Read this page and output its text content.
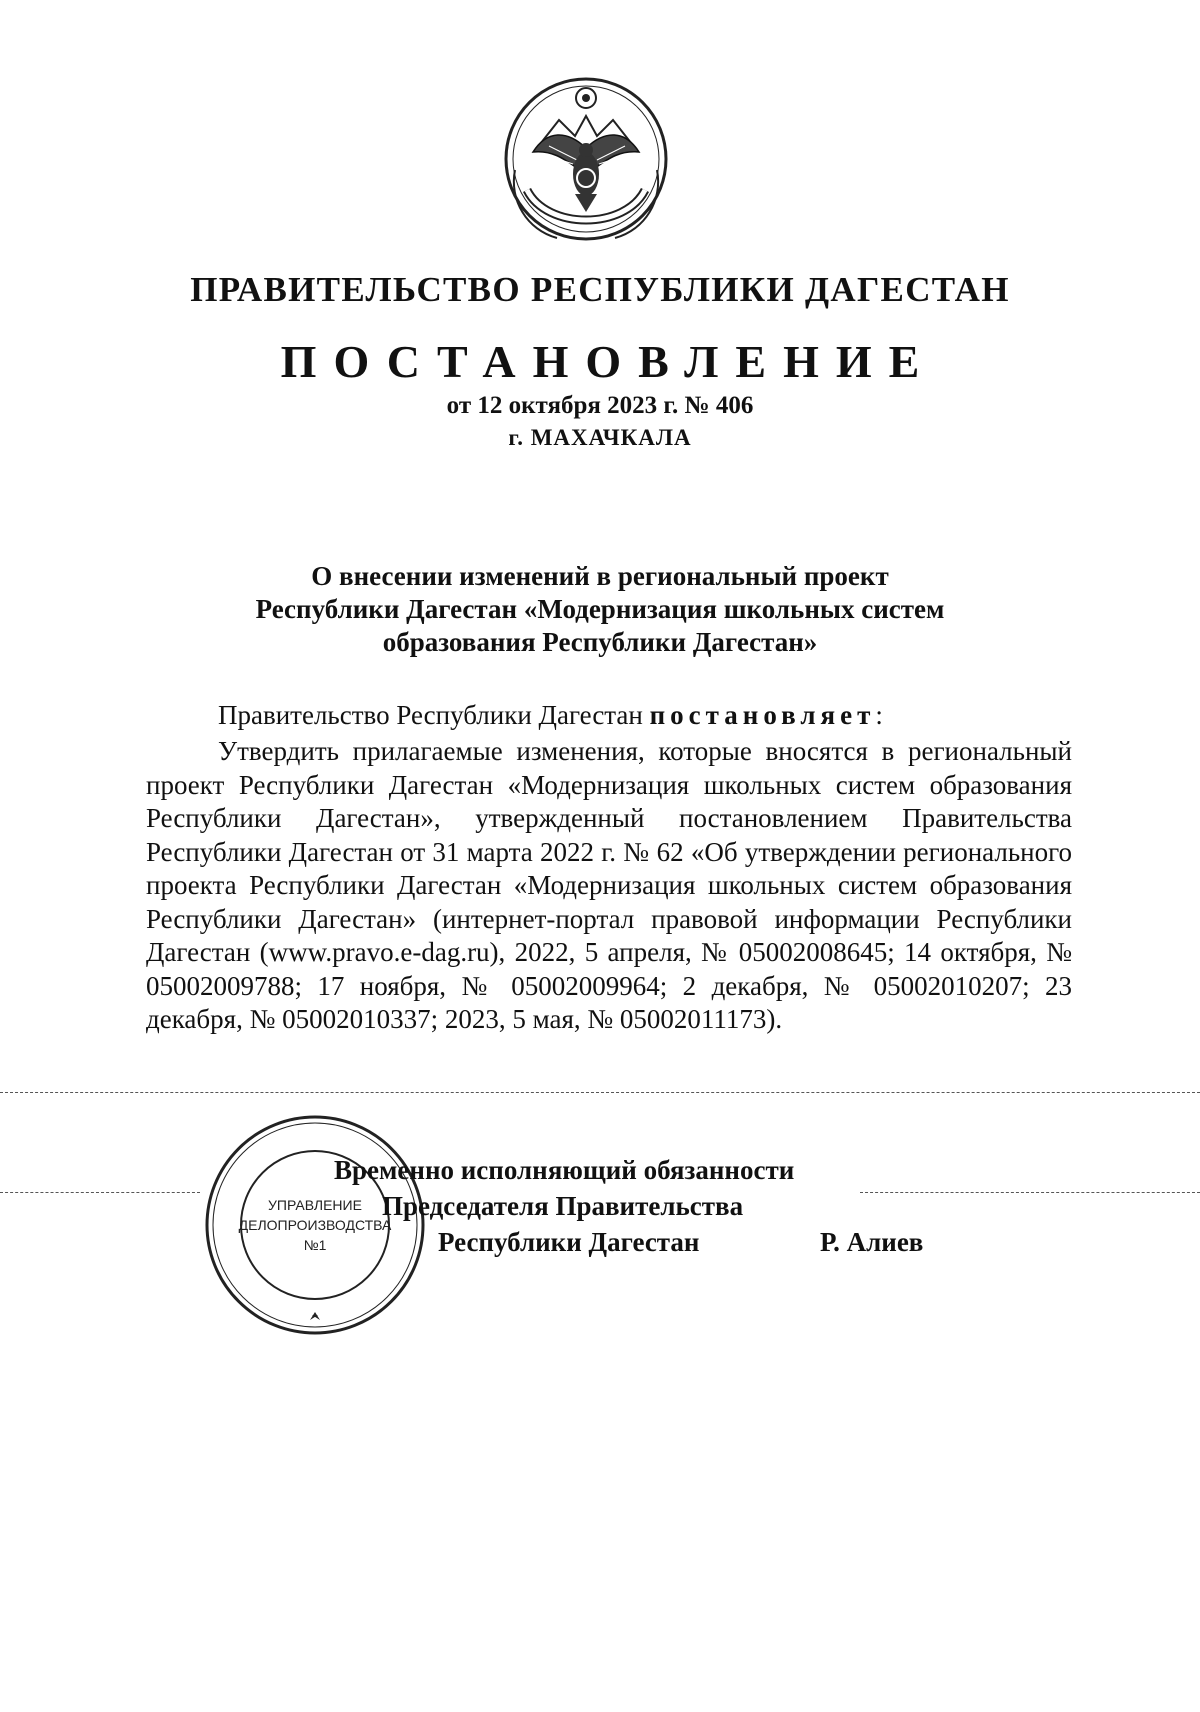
ПРАВИТЕЛЬСТВО РЕСПУБЛИКИ ДАГЕСТАН
ПОСТАНОВЛЕНИЕ
от 12 октября 2023 г. № 406
г. МАХАЧКАЛА
О внесении изменений в региональный проект
Республики Дагестан «Модернизация школьных систем
образования Республики Дагестан»
Правительство Республики Дагестан постановляет:
Утвердить прилагаемые изменения, которые вносятся в региональный проект Республики Дагестан «Модернизация школьных систем образования Республики Дагестан», утвержденный постановлением Правительства Республики Дагестан от 31 марта 2022 г. № 62 «Об утверждении регионального проекта Республики Дагестан «Модернизация школьных систем образования Республики Дагестан» (интернет-портал правовой информации Республики Дагестан (www.pravo.e-dag.ru), 2022, 5 апреля, № 05002008645; 14 октября, № 05002009788; 17 ноября, № 05002009964; 2 декабря, № 05002010207; 23 декабря, № 05002010337; 2023, 5 мая, № 05002011173).
УПРАВЛЕНИЕ
ДЕЛОПРОИЗВОДСТВА
№1
Временно исполняющий обязанности
Председателя Правительства
Республики Дагестан	Р. Алиев
